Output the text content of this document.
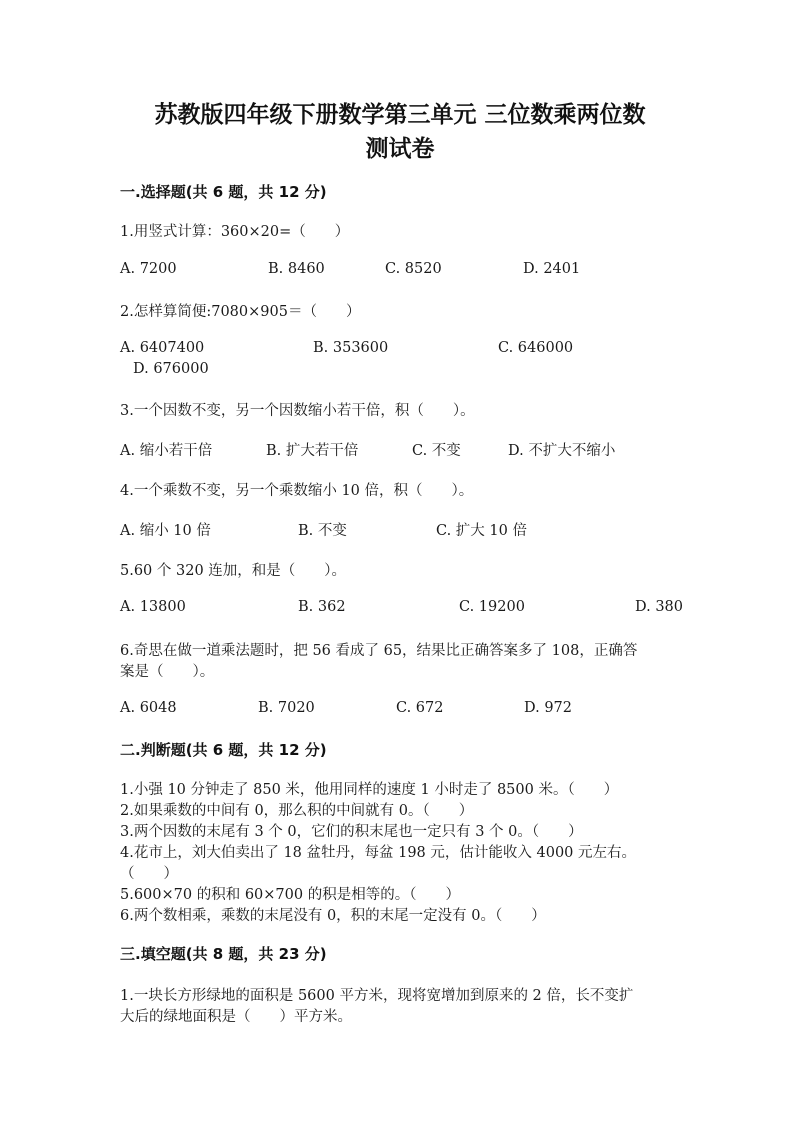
苏教版四年级下册数学第三单元 三位数乘两位数
测试卷
一.选择题(共 6 题，共 12 分)
1.用竖式计算：360×20=（　　）
A. 7200	B. 8460	C. 8520	D. 2401
2.怎样算简便:7080×905＝（　　）
A. 6407400	B. 353600	C. 646000
D. 676000
3.一个因数不变，另一个因数缩小若干倍，积（　　）。
A. 缩小若干倍	B. 扩大若干倍	C. 不变	D. 不扩大不缩小
4.一个乘数不变，另一个乘数缩小 10 倍，积（　　）。
A. 缩小 10 倍	B. 不变	C. 扩大 10 倍
5.60 个 320 连加，和是（　　）。
A. 13800	B. 362	C. 19200	D. 380
6.奇思在做一道乘法题时，把 56 看成了 65，结果比正确答案多了 108，正确答
案是（　　）。
A. 6048	B. 7020	C. 672	D. 972
二.判断题(共 6 题，共 12 分)
1.小强 10 分钟走了 850 米，他用同样的速度 1 小时走了 8500 米。（　　）
2.如果乘数的中间有 0，那么积的中间就有 0。（　　）
3.两个因数的末尾有 3 个 0，它们的积末尾也一定只有 3 个 0。（　　）
4.花市上，刘大伯卖出了 18 盆牡丹，每盆 198 元，估计能收入 4000 元左右。
（　　）
5.600×70 的积和 60×700 的积是相等的。（　　）
6.两个数相乘，乘数的末尾没有 0，积的末尾一定没有 0。（　　）
三.填空题(共 8 题，共 23 分)
1.一块长方形绿地的面积是 5600 平方米，现将宽增加到原来的 2 倍，长不变扩
大后的绿地面积是（　　）平方米。
